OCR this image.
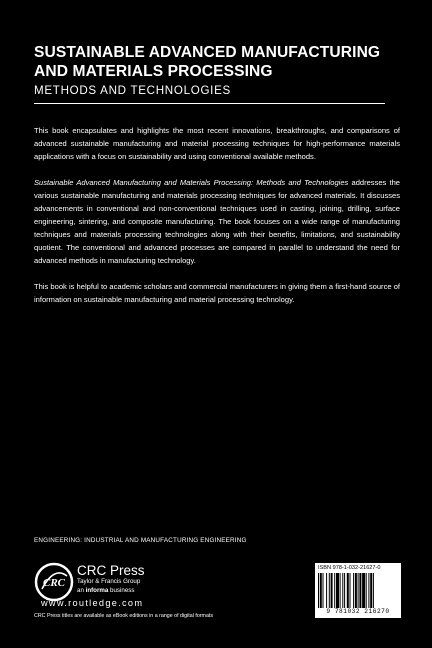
SUSTAINABLE ADVANCED MANUFACTURING AND MATERIALS PROCESSING
METHODS AND TECHNOLOGIES

This book encapsulates and highlights the most recent innovations, breakthroughs, and comparisons of advanced sustainable manufacturing and material processing techniques for high-performance materials applications with a focus on sustainability and using conventional available methods.

Sustainable Advanced Manufacturing and Materials Processing: Methods and Technologies addresses the various sustainable manufacturing and materials processing techniques for advanced materials. It discusses advancements in conventional and non-conventional techniques used in casting, joining, drilling, surface engineering, sintering, and composite manufacturing. The book focuses on a wide range of manufacturing techniques and materials processing technologies along with their benefits, limitations, and sustainability quotient. The conventional and advanced processes are compared in parallel to understand the need for advanced methods in manufacturing technology.

This book is helpful to academic scholars and commercial manufacturers in giving them a first-hand source of information on sustainable manufacturing and material processing technology.

ENGINEERING: INDUSTRIAL AND MANUFACTURING ENGINEERING
CRC
CRC Press
Taylor & Francis Group
an informa business
www.routledge.com
CRC Press titles are available as eBook editions in a range of digital formats
ISBN 978-1-032-21627-0
9 781032 216270
